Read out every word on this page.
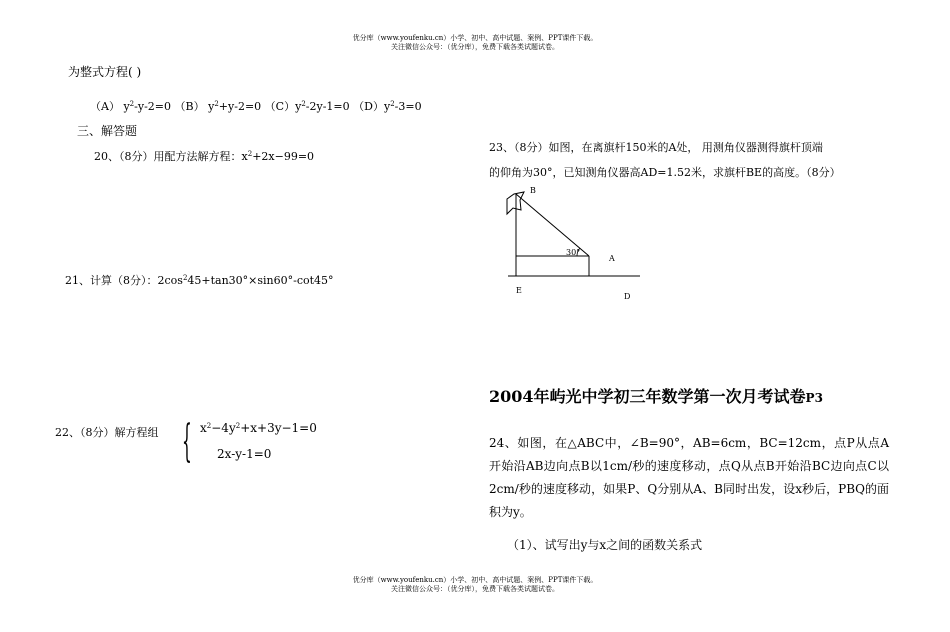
优分库（www.youfenku.cn）小学、初中、高中试题、案例、PPT课件下载。
关注微信公众号：（优分库），免费下载各类试题试卷。
为整式方程( )
（A） $y^2-y-2=0$ （B） $y^2+y-2=0$ $(C)y^2-2y-1=0$ $(D)y^2-3=0$
三、解答题
20、（8分）用配方法解方程：$x^2+2x-99=0$
21、计算（8分）：$2\cos^245+\tan 30^\circ\times\sin 60^\circ-\cot 45^\circ$
22、（8分）解方程组 { $x^2-4y^2+x+3y-1=0$
2x-y-1=0
23、（8分）如图，在离旗杆150米的A处， 用测角仪器测得旗杆顶端
的仰角为30°，已知测角仪器高AD=1.52米，求旗杆BE的高度。（8分）
30°
B
A
E
D
2004年屿光中学初三年数学第一次月考试卷P3
24、如图，在△ABC中，∠B=90°，AB=6cm，BC=12cm，点P从点A开始沿AB边向点B以1cm/秒的速度移动，点Q从点B开始沿BC边向点C以2cm/秒的速度移动，如果P、Q分别从A、B同时出发，设x秒后，PBQ的面积为y。
（1）、试写出y与x之间的函数关系式
优分库（www.youfenku.cn）小学、初中、高中试题、案例、PPT课件下载。
关注微信公众号：（优分库），免费下载各类试题试卷。
